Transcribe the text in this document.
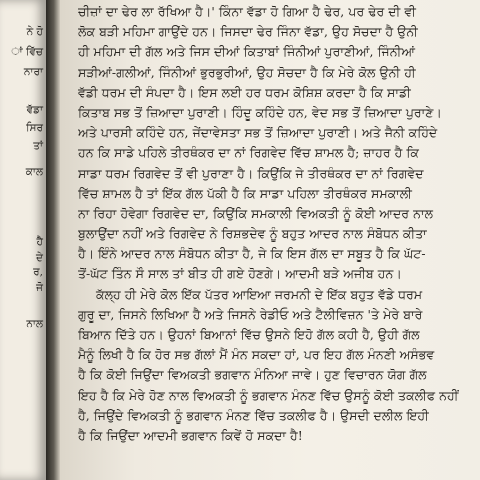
ਨੇ ਹੋ
ਾਂ ਵਿੱਚ
ਨਾਰਾ
ਵੱਡਾ
ਸਿਰ
ਤਾਂ
ਕਾਲ
ਹੈ
ਦੇ
ਰ,
ਜੋ
ਨਾਲ
ਚੀਜ਼ਾਂ ਦਾ ਢੇਰ ਲਾ ਰੱਖਿਆ ਹੈ।' ਕਿੰਨਾ ਵੱਡਾ ਹੋ ਗਿਆ ਹੈ ਢੇਰ, ਪਰ ਢੇਰ ਦੀ ਵੀ
ਲੋਕ ਬੜੀ ਮਹਿਮਾ ਗਾਉਂਦੇ ਹਨ। ਜਿਸਦਾ ਢੇਰ ਜਿੰਨਾ ਵੱਡਾ, ਉਹ ਸੋਚਦਾ ਹੈ ਉਨੀ
ਹੀ ਮਹਿਮਾ ਦੀ ਗੱਲ ਅਤੇ ਜਿਸ ਦੀਆਂ ਕਿਤਾਬਾਂ ਜਿੰਨੀਆਂ ਪੁਰਾਣੀਆਂ, ਜਿੰਨੀਆਂ
ਸੜੀਆਂ-ਗਲੀਆਂ, ਜਿੰਨੀਆਂ ਭੁਰਭੁਰੀਆਂ, ਉਹ ਸੋਚਦਾ ਹੈ ਕਿ ਮੇਰੇ ਕੋਲ ਉਨੀ ਹੀ
ਵੱਡੀ ਧਰਮ ਦੀ ਸੰਪਦਾ ਹੈ। ਇਸ ਲਈ ਹਰ ਧਰਮ ਕੋਸ਼ਿਸ਼ ਕਰਦਾ ਹੈ ਕਿ ਸਾਡੀ
ਕਿਤਾਬ ਸਭ ਤੋਂ ਜ਼ਿਆਦਾ ਪੁਰਾਣੀ। ਹਿੰਦੂ ਕਹਿੰਦੇ ਹਨ, ਵੇਦ ਸਭ ਤੋਂ ਜ਼ਿਆਦਾ ਪੁਰਾਣੇ।
ਅਤੇ ਪਾਰਸੀ ਕਹਿੰਦੇ ਹਨ, ਜੇਂਦਾਵੇਸਤਾ ਸਭ ਤੋਂ ਜ਼ਿਆਦਾ ਪੁਰਾਣੀ। ਅਤੇ ਜੈਨੀ ਕਹਿੰਦੇ
ਹਨ ਕਿ ਸਾਡੇ ਪਹਿਲੇ ਤੀਰਥੰਕਰ ਦਾ ਨਾਂ ਰਿਗਵੇਦ ਵਿੱਚ ਸ਼ਾਮਲ ਹੈ; ਜ਼ਾਹਰ ਹੈ ਕਿ
ਸਾਡਾ ਧਰਮ ਰਿਗਵੇਦ ਤੋਂ ਵੀ ਪੁਰਾਣਾ ਹੈ। ਕਿਉਂਕਿ ਜੇ ਤੀਰਥੰਕਰ ਦਾ ਨਾਂ ਰਿਗਵੇਦ
ਵਿੱਚ ਸ਼ਾਮਲ ਹੈ ਤਾਂ ਇੱਕ ਗੱਲ ਪੱਕੀ ਹੈ ਕਿ ਸਾਡਾ ਪਹਿਲਾ ਤੀਰਥੰਕਰ ਸਮਕਾਲੀ
ਨਾ ਰਿਹਾ ਹੋਵੇਗਾ ਰਿਗਵੇਦ ਦਾ, ਕਿਉਂਕਿ ਸਮਕਾਲੀ ਵਿਅਕਤੀ ਨੂੰ ਕੋਈ ਆਦਰ ਨਾਲ
ਬੁਲਾਉਂਦਾ ਨਹੀਂ ਅਤੇ ਰਿਗਵੇਦ ਨੇ ਰਿਸ਼ਭਦੇਵ ਨੂੰ ਬਹੁਤ ਆਦਰ ਨਾਲ ਸੰਬੋਧਨ ਕੀਤਾ
ਹੈ। ਇੰਨੇ ਆਦਰ ਨਾਲ ਸੰਬੋਧਨ ਕੀਤਾ ਹੈ, ਜੇ ਕਿ ਇਸ ਗੱਲ ਦਾ ਸਬੂਤ ਹੈ ਕਿ ਘੱਟ-
ਤੋਂ-ਘੱਟ ਤਿੰਨ ਸੌ ਸਾਲ ਤਾਂ ਬੀਤ ਹੀ ਗਏ ਹੋਣਗੇ। ਆਦਮੀ ਬੜੇ ਅਜੀਬ ਹਨ।
ਕੱਲ੍ਹ ਹੀ ਮੇਰੇ ਕੋਲ ਇੱਕ ਪੱਤਰ ਆਇਆ ਜਰਮਨੀ ਦੇ ਇੱਕ ਬਹੁਤ ਵੱਡੇ ਧਰਮ
ਗੁਰੂ ਦਾ, ਜਿਸਨੇ ਲਿਖਿਆ ਹੈ ਅਤੇ ਜਿਸਨੇ ਰੇਡੀਓ ਅਤੇ ਟੈਲੀਵਿਜ਼ਨ 'ਤੇ ਮੇਰੇ ਬਾਰੇ
ਬਿਆਨ ਦਿੱਤੇ ਹਨ। ਉਹਨਾਂ ਬਿਆਨਾਂ ਵਿੱਚ ਉਸਨੇ ਇਹੋ ਗੱਲ ਕਹੀ ਹੈ, ਉਹੀ ਗੱਲ
ਮੈਨੂੰ ਲਿਖੀ ਹੈ ਕਿ ਹੋਰ ਸਭ ਗੱਲਾਂ ਮੈਂ ਮੰਨ ਸਕਦਾ ਹਾਂ, ਪਰ ਇਹ ਗੱਲ ਮੰਨਣੀ ਅਸੰਭਵ
ਹੈ ਕਿ ਕੋਈ ਜਿਉਂਦਾ ਵਿਅਕਤੀ ਭਗਵਾਨ ਮੰਨਿਆ ਜਾਵੇ। ਹੁਣ ਵਿਚਾਰਨ ਯੋਗ ਗੱਲ
ਇਹ ਹੈ ਕਿ ਮੇਰੇ ਹੋਣ ਨਾਲ ਵਿਅਕਤੀ ਨੂੰ ਭਗਵਾਨ ਮੰਨਣ ਵਿੱਚ ਉਸਨੂੰ ਕੋਈ ਤਕਲੀਫ ਨਹੀਂ
ਹੈ, ਜਿਉਂਦੇ ਵਿਅਕਤੀ ਨੂੰ ਭਗਵਾਨ ਮੰਨਣ ਵਿੱਚ ਤਕਲੀਫ ਹੈ। ਉਸਦੀ ਦਲੀਲ ਇਹੀ
ਹੈ ਕਿ ਜਿਉਂਦਾ ਆਦਮੀ ਭਗਵਾਨ ਕਿਵੇਂ ਹੋ ਸਕਦਾ ਹੈ!
